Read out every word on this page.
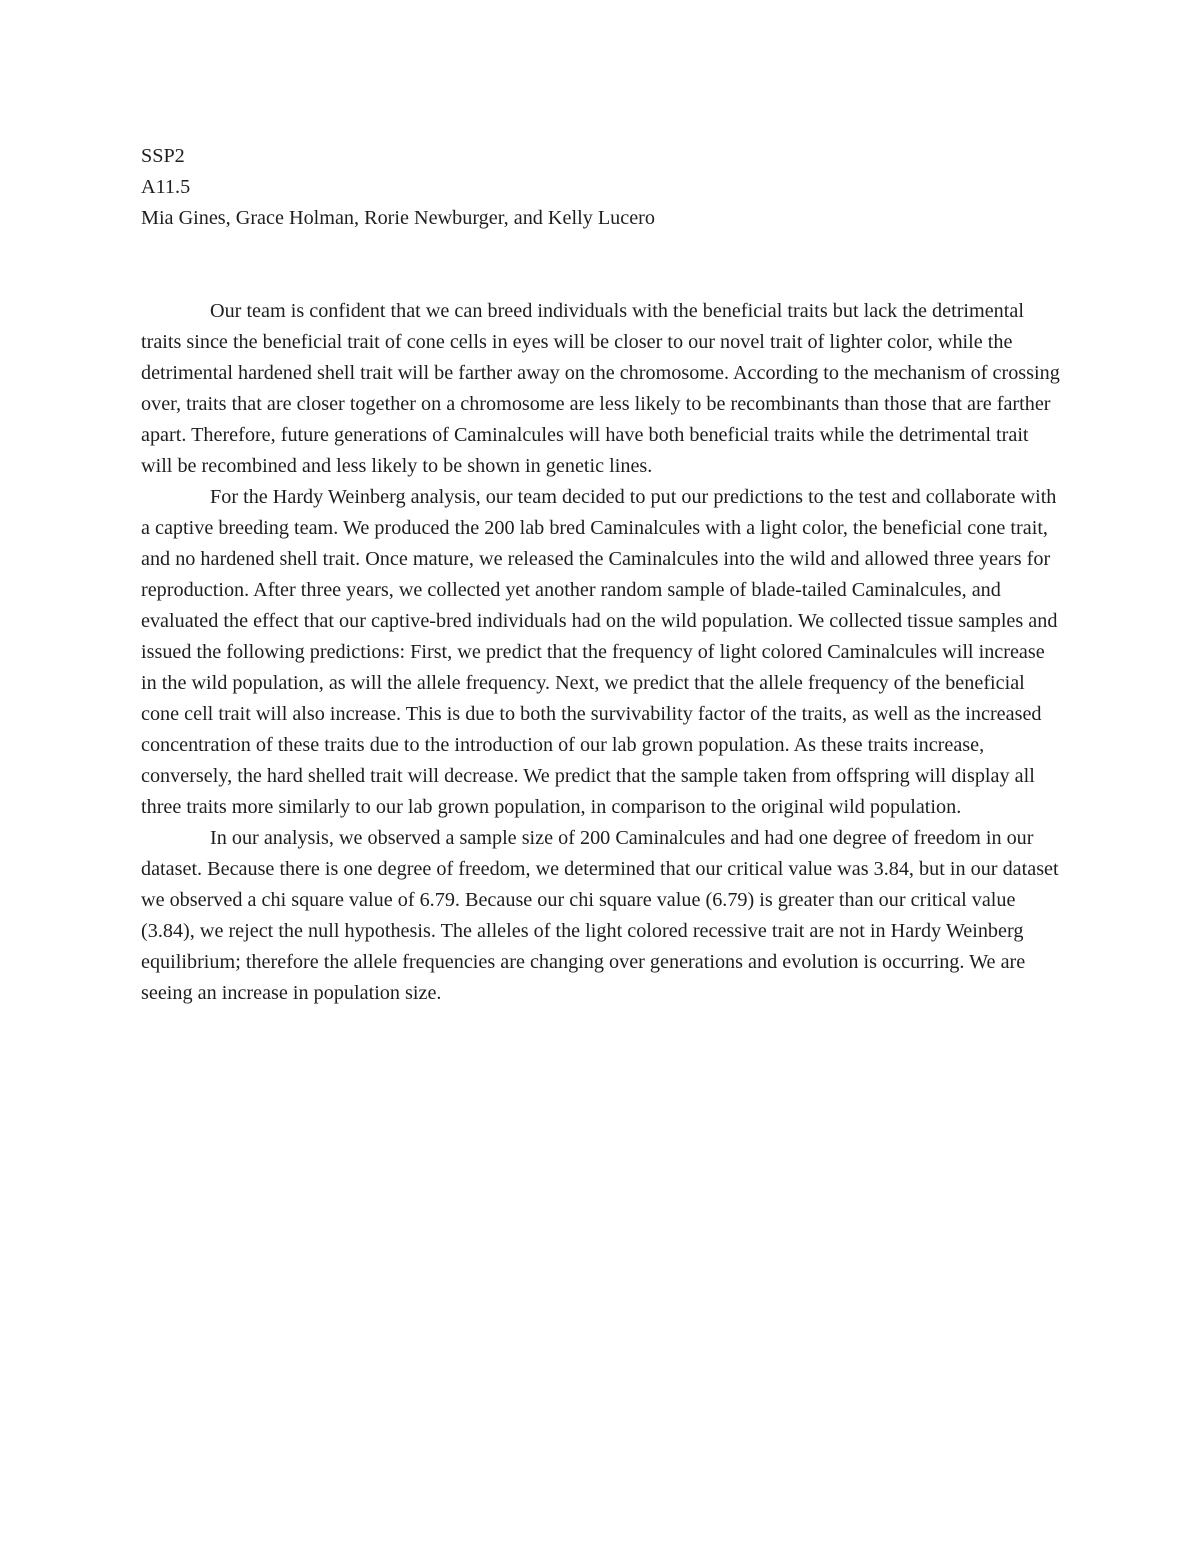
SSP2

A11.5

Mia Gines, Grace Holman, Rorie Newburger, and Kelly Lucero

Our team is confident that we can breed individuals with the beneficial traits but lack the detrimental traits since the beneficial trait of cone cells in eyes will be closer to our novel trait of lighter color, while the detrimental hardened shell trait will be farther away on the chromosome. According to the mechanism of crossing over, traits that are closer together on a chromosome are less likely to be recombinants than those that are farther apart. Therefore, future generations of Caminalcules will have both beneficial traits while the detrimental trait will be recombined and less likely to be shown in genetic lines.

For the Hardy Weinberg analysis, our team decided to put our predictions to the test and collaborate with a captive breeding team. We produced the 200 lab bred Caminalcules with a light color, the beneficial cone trait, and no hardened shell trait. Once mature, we released the Caminalcules into the wild and allowed three years for reproduction. After three years, we collected yet another random sample of blade-tailed Caminalcules, and evaluated the effect that our captive-bred individuals had on the wild population. We collected tissue samples and issued the following predictions: First, we predict that the frequency of light colored Caminalcules will increase in the wild population, as will the allele frequency. Next, we predict that the allele frequency of the beneficial cone cell trait will also increase. This is due to both the survivability factor of the traits, as well as the increased concentration of these traits due to the introduction of our lab grown population. As these traits increase, conversely, the hard shelled trait will decrease. We predict that the sample taken from offspring will display all three traits more similarly to our lab grown population, in comparison to the original wild population.

In our analysis, we observed a sample size of 200 Caminalcules and had one degree of freedom in our dataset. Because there is one degree of freedom, we determined that our critical value was 3.84, but in our dataset we observed a chi square value of 6.79. Because our chi square value (6.79) is greater than our critical value (3.84), we reject the null hypothesis. The alleles of the light colored recessive trait are not in Hardy Weinberg equilibrium; therefore the allele frequencies are changing over generations and evolution is occurring. We are seeing an increase in population size.
